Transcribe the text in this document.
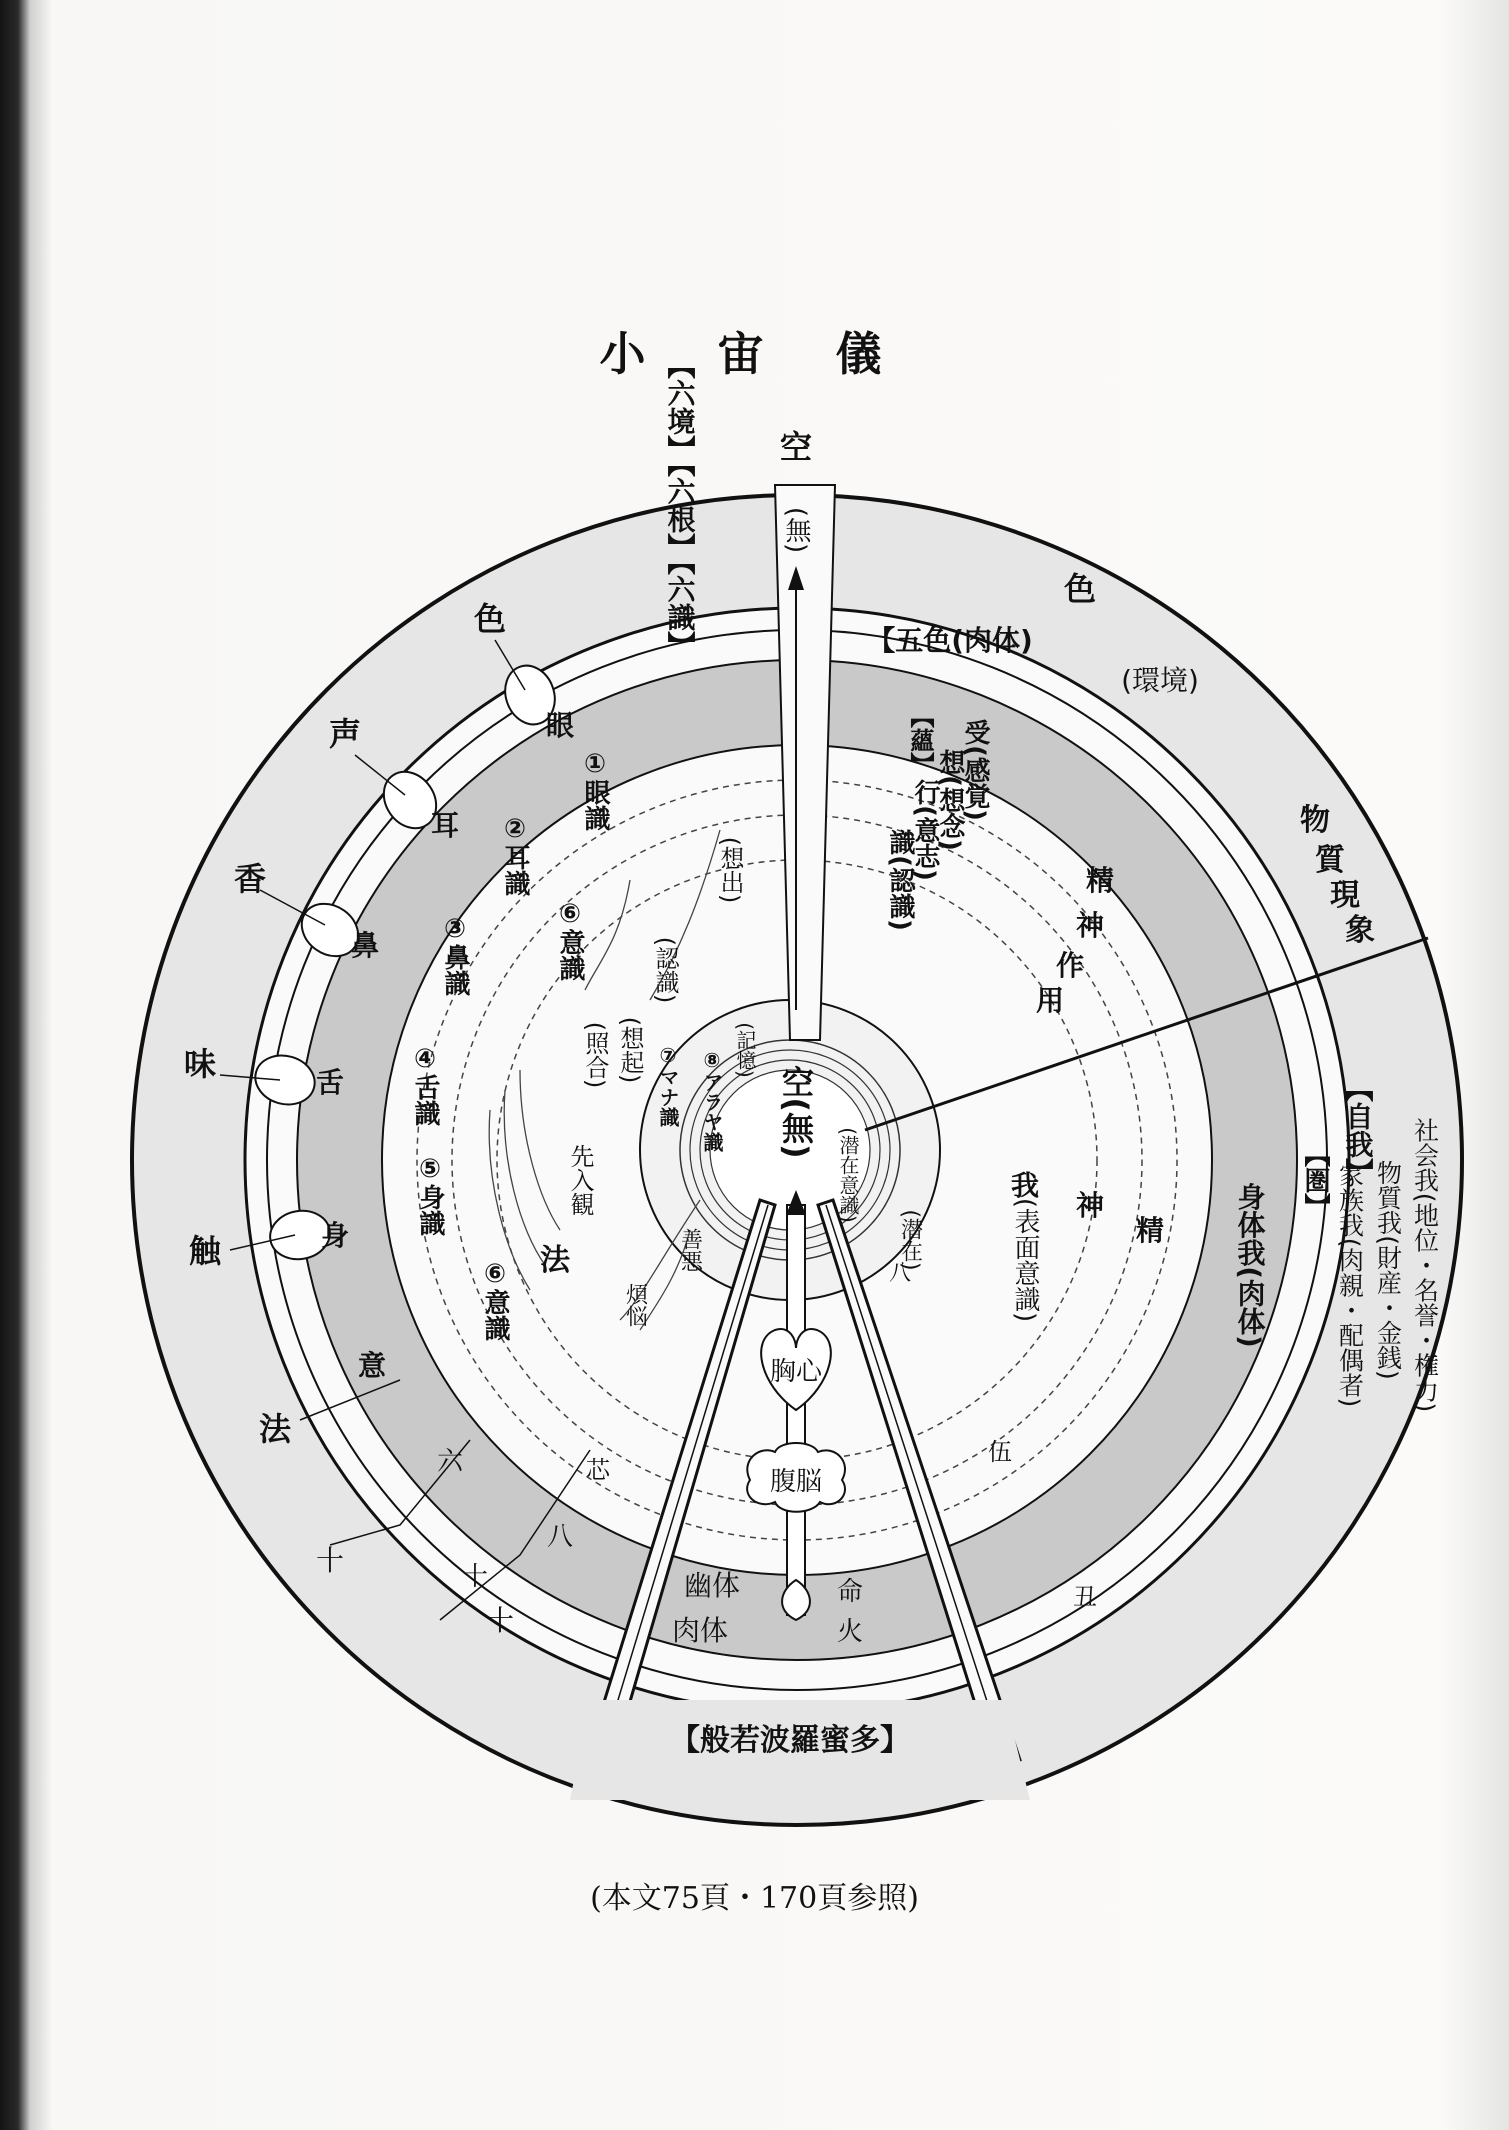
小 宙 儀
空
(無)
空(無)
色
声
香
味
触
法
色
(環境)
物
質
現
象
【自我】 社会我(地位・名誉・権力)
物質我(財産・金銭)
家族我(肉親・配偶者)
十
十
眼
耳
鼻
舌
身
意
【五色(肉体)
身体我(肉体)
幽体
肉体
命
火
【般若波羅蜜多】
【六境】【六根】【六識】
①眼識
②耳識
③鼻識
④舌識
⑤身識
⑥意識
⑥意識
【蘊】 受(感覚)
想(想念)
行(意志)
識(認識)	精
神
作
用
精
神
我
(表面意識)
【圏】
(想出)
(認識)
(照合) (想起)
先入観
法	(潜在)
善悪
煩悩
六
八
十
芯
伍
丑
八
⑦マナ識 ⑧アラヤ識 (記憶)
(潜在意識)
胸心
腹脳
(本文75頁・170頁参照)
